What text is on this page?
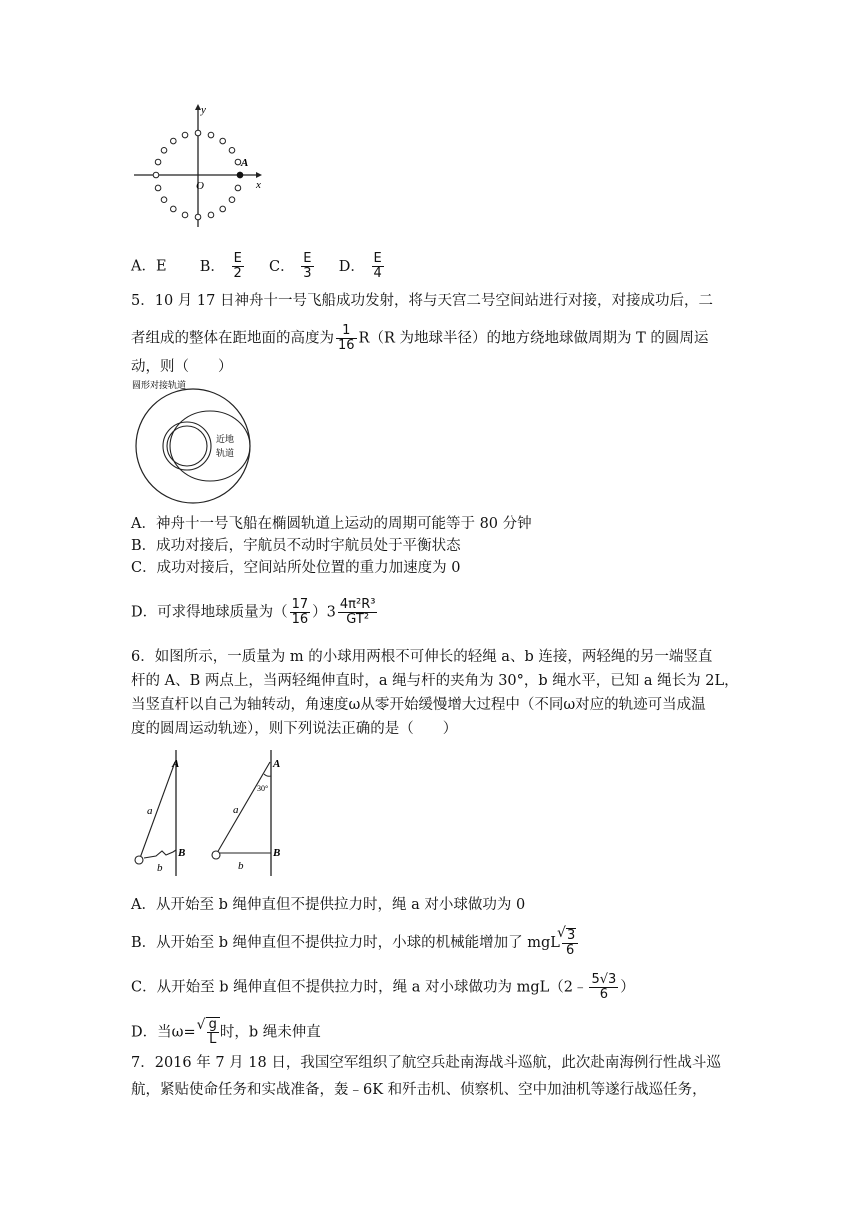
y
x
O
A
A．E B． $\frac{E}{2}$ C． $\frac{E}{3}$ D． $\frac{E}{4}$
5．10 月 17 日神舟十一号飞船成功发射，将与天宫二号空间站进行对接，对接成功后，二
者组成的整体在距地面的高度为 $\frac{1}{16} R(R$ 为地球半径）的地方绕地球做周期为 T 的圆周运
动，则（　　）
圆形对接轨道
近地
轨道
A．神舟十一号飞船在椭圆轨道上运动的周期可能等于 80 分钟
B．成功对接后，宇航员不动时宇航员处于平衡状态
C．成功对接后，空间站所处位置的重力加速度为 0
D．可求得地球质量为（ $\frac{17}{16} )3 \frac{\text{4π²R³}}{\text{GT²}}$
6．如图所示，一质量为 m 的小球用两根不可伸长的轻绳 a、b 连接，两轻绳的另一端竖直
杆的 A、B 两点上，当两轻绳伸直时，a 绳与杆的夹角为 30°，b 绳水平，已知 a 绳长为 2L，
当竖直杆以自己为轴转动，角速度ω从零开始缓慢增大过程中（不同ω对应的轨迹可当成温
度的圆周运动轨迹），则下列说法正确的是（　　）
A
a
B
b
A
30°
a
B
b
A．从开始至 b 绳伸直但不提供拉力时，绳 a 对小球做功为 0
B．从开始至 b 绳伸直但不提供拉力时，小球的机械能增加了 mgL √ $\frac{3}{6}$
C．从开始至 b 绳伸直但不提供拉力时，绳 a 对小球做功为 mgL（2﹣ $\frac{5√3}{6}$ ）
D．当ω= √ $\frac{g}{L}$ 时，b 绳未伸直
7．2016 年 7 月 18 日，我国空军组织了航空兵赴南海战斗巡航，此次赴南海例行性战斗巡
航，紧贴使命任务和实战准备，轰﹣6K 和歼击机、侦察机、空中加油机等遂行战巡任务，
